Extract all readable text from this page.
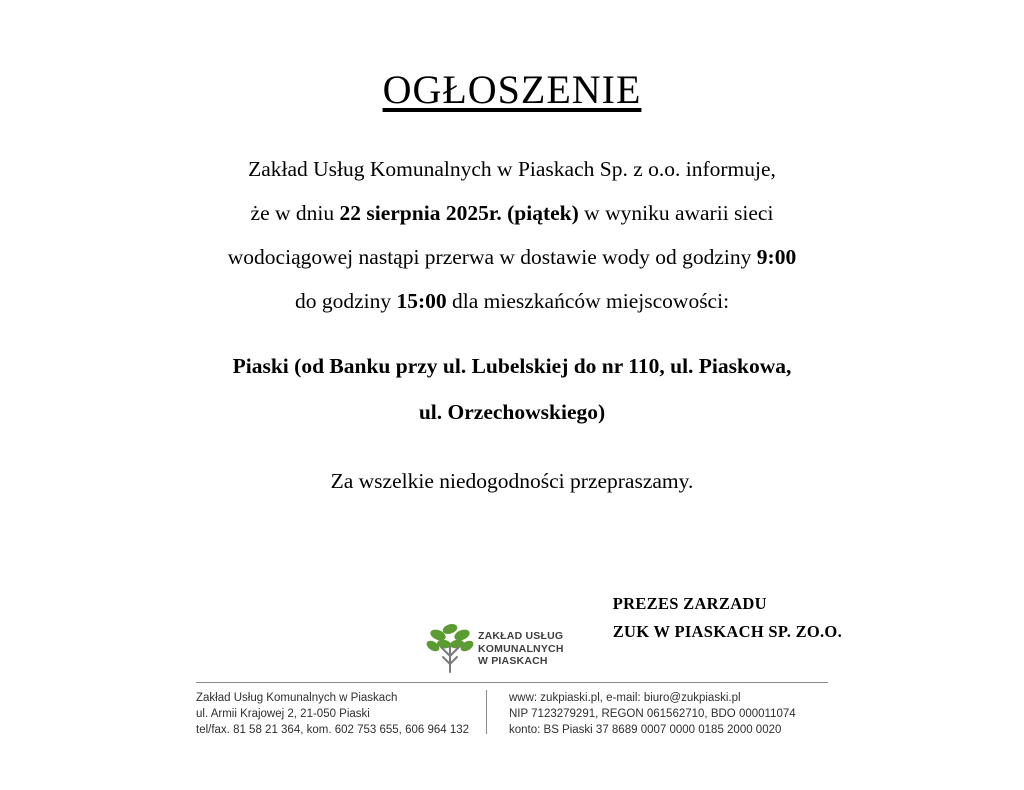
OGŁOSZENIE
Zakład Usług Komunalnych w Piaskach Sp. z o.o. informuje,
że w dniu 22 sierpnia 2025r. (piątek) w wyniku awarii sieci
wodociągowej nastąpi przerwa w dostawie wody od godziny 9:00
do godziny 15:00 dla mieszkańców miejscowości:
Piaski (od Banku przy ul. Lubelskiej do nr 110, ul. Piaskowa,
ul. Orzechowskiego)
Za wszelkie niedogodności przepraszamy.
PREZES ZARZADU
ZUK W PIASKACH SP. ZO.O.
ZAKŁAD USŁUG
KOMUNALNYCH
W PIASKACH
Zakład Usług Komunalnych w Piaskach
ul. Armii Krajowej 2, 21-050 Piaski
tel/fax. 81 58 21 364, kom. 602 753 655, 606 964 132
www: zukpiaski.pl, e-mail: biuro@zukpiaski.pl
NIP 7123279291, REGON 061562710, BDO 000011074
konto: BS Piaski 37 8689 0007 0000 0185 2000 0020
